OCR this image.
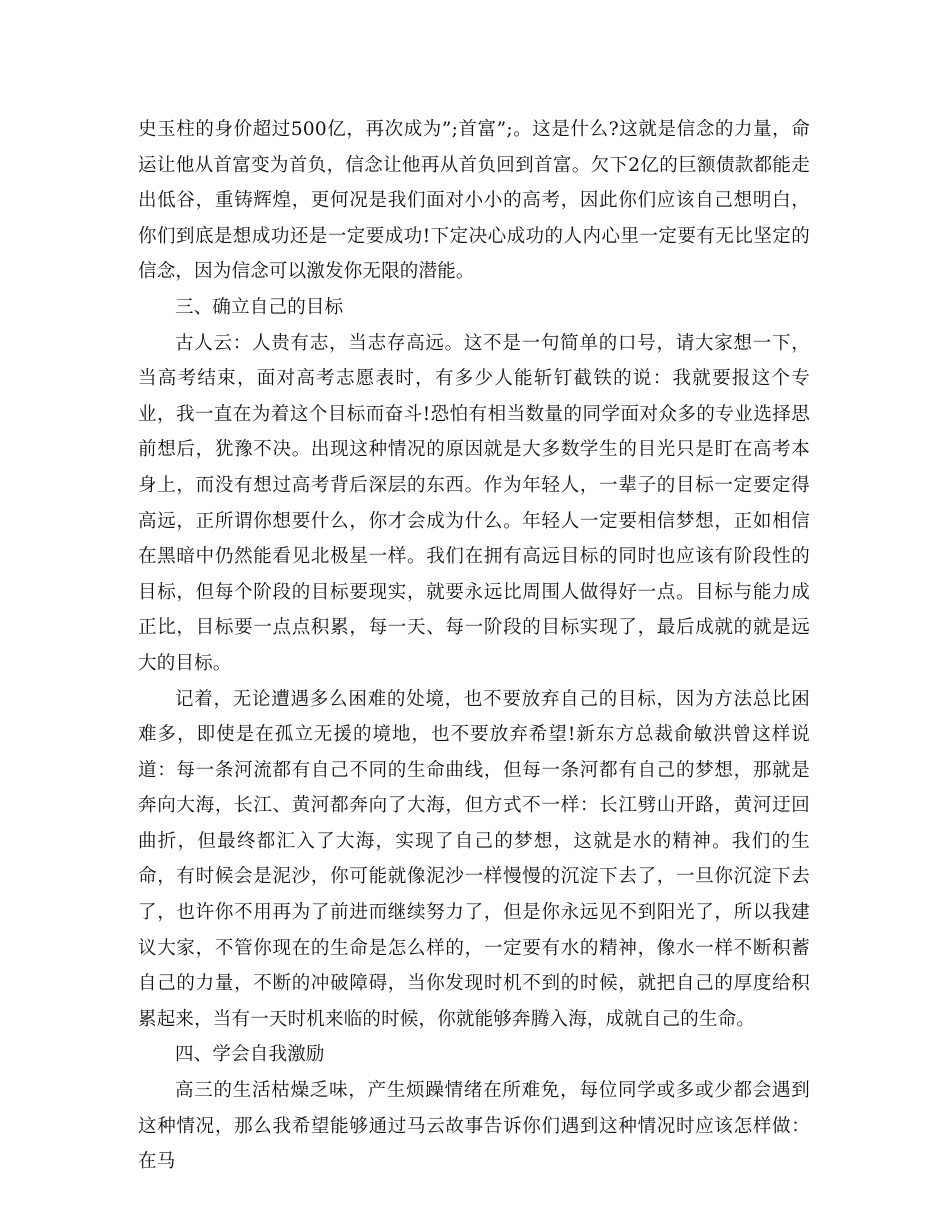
史玉柱的身价超过500亿，再次成为”;首富”;。这是什么?这就是信念的力量，命运让他从首富变为首负，信念让他再从首负回到首富。欠下2亿的巨额债款都能走出低谷，重铸辉煌，更何况是我们面对小小的高考，因此你们应该自己想明白，你们到底是想成功还是一定要成功!下定决心成功的人内心里一定要有无比坚定的信念，因为信念可以激发你无限的潜能。

三、确立自己的目标

古人云：人贵有志，当志存高远。这不是一句简单的口号，请大家想一下，当高考结束，面对高考志愿表时，有多少人能斩钉截铁的说：我就要报这个专业，我一直在为着这个目标而奋斗!恐怕有相当数量的同学面对众多的专业选择思前想后，犹豫不决。出现这种情况的原因就是大多数学生的目光只是盯在高考本身上，而没有想过高考背后深层的东西。作为年轻人，一辈子的目标一定要定得高远，正所谓你想要什么，你才会成为什么。年轻人一定要相信梦想，正如相信在黑暗中仍然能看见北极星一样。我们在拥有高远目标的同时也应该有阶段性的目标，但每个阶段的目标要现实，就要永远比周围人做得好一点。目标与能力成正比，目标要一点点积累，每一天、每一阶段的目标实现了，最后成就的就是远大的目标。

记着，无论遭遇多么困难的处境，也不要放弃自己的目标，因为方法总比困难多，即使是在孤立无援的境地，也不要放弃希望!新东方总裁俞敏洪曾这样说道：每一条河流都有自己不同的生命曲线，但每一条河都有自己的梦想，那就是奔向大海，长江、黄河都奔向了大海，但方式不一样：长江劈山开路，黄河迂回曲折，但最终都汇入了大海，实现了自己的梦想，这就是水的精神。我们的生命，有时候会是泥沙，你可能就像泥沙一样慢慢的沉淀下去了，一旦你沉淀下去了，也许你不用再为了前进而继续努力了，但是你永远见不到阳光了，所以我建议大家，不管你现在的生命是怎么样的，一定要有水的精神，像水一样不断积蓄自己的力量，不断的冲破障碍，当你发现时机不到的时候，就把自己的厚度给积累起来，当有一天时机来临的时候，你就能够奔腾入海，成就自己的生命。

四、学会自我激励

高三的生活枯燥乏味，产生烦躁情绪在所难免，每位同学或多或少都会遇到这种情况，那么我希望能够通过马云故事告诉你们遇到这种情况时应该怎样做：在马
